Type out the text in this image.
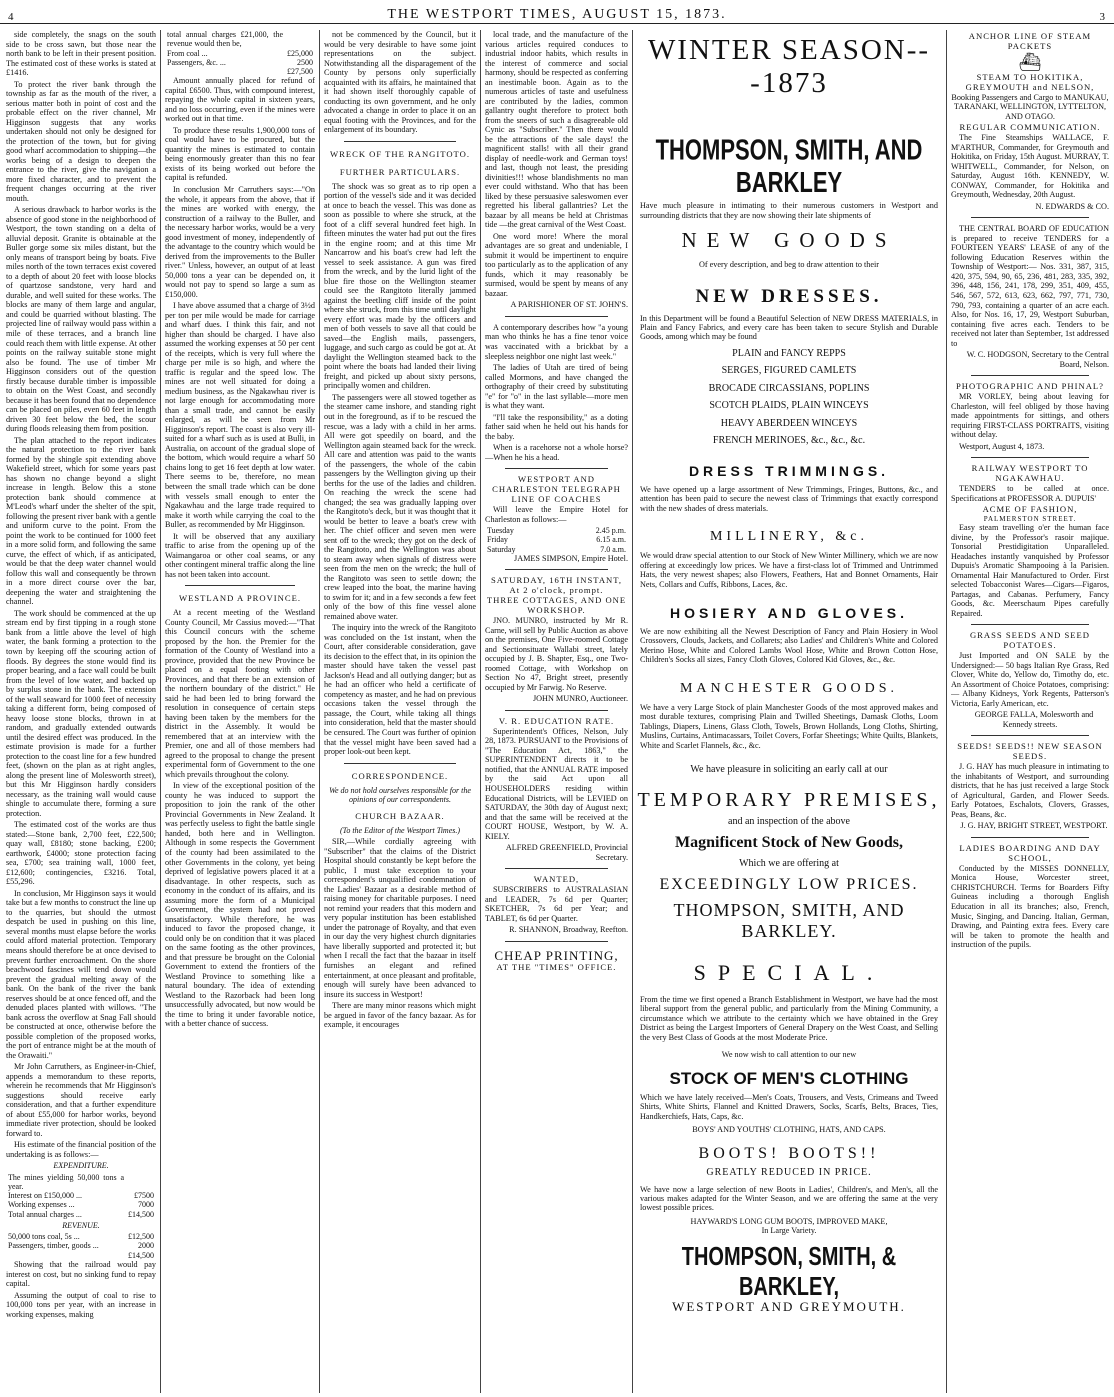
4	THE WESTPORT TIMES, AUGUST 15, 1873.	3

side completely, the snags on the south side to be cross sawn, but those near the north bank to be left in their present position. The estimated cost of these works is stated at £1416.

To protect the river bank through the township as far as the mouth of the river, a serious matter both in point of cost and the probable effect on the river channel, Mr Higginson suggests that any works undertaken should not only be designed for the protection of the town, but for giving good wharf accommodation to shipping—the works being of a design to deepen the entrance to the river, give the navigation a more fixed character, and to prevent the frequent changes occurring at the river mouth.

A serious drawback to harbor works is the absence of good stone in the neighborhood of Westport, the town standing on a delta of alluvial deposit. Granite is obtainable at the Buller gorge some six miles distant, but the only means of transport being by boats. Five miles north of the town terraces exist covered to a depth of about 20 feet with loose blocks of quartzose sandstone, very hard and durable, and well suited for these works. The blocks are many of them large and angular, and could be quarried without blasting. The projected line of railway would pass within a mile of these terraces, and a branch line could reach them with little expense. At other points on the railway suitable stone might also be found. The use of timber Mr Higginson considers out of the question firstly because durable timber is impossible to obtain on the West Coast, and secondly because it has been found that no dependence can be placed on piles, even 60 feet in length driven 30 feet below the bed, the scour during floods releasing them from position.

The plan attached to the report indicates the natural protection to the river bank formed by the shingle spit extending above Wakefield street, which for some years past has shown no change beyond a slight increase in length. Below this a stone protection bank should commence at M'Leod's wharf under the shelter of the spit, following the present river bank with a gentle and uniform curve to the point. From the point the work to be continued for 1000 feet in a more solid form, and following the same curve, the effect of which, if as anticipated, would be that the deep water channel would follow this wall and consequently be thrown in a more direct course over the bar, deepening the water and straightening the channel.

The work should be commenced at the up stream end by first tipping in a rough stone bank from a little above the level of high water, the bank forming a protection to the town by keeping off the scouring action of floods. By degrees the stone would find its proper bearing, and a face wall could be built from the level of low water, and backed up by surplus stone in the bank. The extension of the wall seaward for 1000 feet of necessity taking a different form, being composed of heavy loose stone blocks, thrown in at random, and gradually extended outwards until the desired effect was produced. In the estimate provision is made for a further protection to the coast line for a few hundred feet, (shown on the plan as at right angles, along the present line of Molesworth street), but this Mr Higginson hardly considers necessary, as the training wall would cause shingle to accumulate there, forming a sure protection.

The estimated cost of the works are thus stated:—Stone bank, 2,700 feet, £22,500; quay wall, £8180; stone backing, £200; earthwork, £4000; stone protection facing sea, £700; sea training wall, 1000 feet, £12,600; contingencies, £3216. Total, £55,296.

In conclusion, Mr Higginson says it would take but a few months to construct the line up to the quarries, but should the utmost despatch be used in pushing on this line, several months must elapse before the works could afford material protection. Temporary means should therefore be at once devised to prevent further encroachment. On the shore beachwood fascines will tend down would prevent the gradual melting away of the bank. On the bank of the river the bank reserves should be at once fenced off, and the denuded places planted with willows. "The bank across the overflow at Snag Fall should be constructed at once, otherwise before the possible completion of the proposed works, the port of entrance might be at the mouth of the Orawaiti."

Mr John Carruthers, as Engineer-in-Chief, appends a memorandum to these reports, wherein he recommends that Mr Higginson's suggestions should receive early consideration, and that a further expenditure of about £55,000 for harbor works, beyond immediate river protection, should be looked forward to.

His estimate of the financial position of the undertaking is as follows:—

EXPENDITURE.
The mines yielding 50,000 tons a year.	
Interest on £150,000 ...	£7500
Working expenses ...	7000
Total annual charges ...	£14,500
REVENUE.
50,000 tons coal, 5s ...	£12,500
Passengers, timber, goods ...	2000
	£14,500

Showing that the railroad would pay interest on cost, but no sinking fund to repay capital.

Assuming the output of coal to rise to 100,000 tons per year, with an increase in working expenses, making

total annual charges £21,000, the revenue would then be,	
From coal ...	£25,000
Passengers, &c. ...	2500
	£27,500

Amount annually placed for refund of capital £6500. Thus, with compound interest, repaying the whole capital in sixteen years, and no loss occurring, even if the mines were worked out in that time.

To produce these results 1,900,000 tons of coal would have to be procured, but the quantity the mines is estimated to contain being enormously greater than this no fear exists of its being worked out before the capital is refunded.

In conclusion Mr Carruthers says:—"On the whole, it appears from the above, that if the mines are worked with energy, the construction of a railway to the Buller, and the necessary harbor works, would be a very good investment of money, independently of the advantage to the country which would be derived from the improvements to the Buller river." Unless, however, an output of at least 50,000 tons a year can be depended on, it would not pay to spend so large a sum as £150,000.

I have above assumed that a charge of 3½d per ton per mile would be made for carriage and wharf dues. I think this fair, and not higher than should be charged. I have also assumed the working expenses at 50 per cent of the receipts, which is very full where the charge per mile is so high, and where the traffic is regular and the speed low. The mines are not well situated for doing a medium business, as the Ngakawhau river is not large enough for accommodating more than a small trade, and cannot be easily enlarged, as will be seen from Mr Higginson's report. The coast is also very ill-suited for a wharf such as is used at Bulli, in Australia, on account of the gradual slope of the bottom, which would require a wharf 50 chains long to get 16 feet depth at low water. There seems to be, therefore, no mean between the small trade which can be done with vessels small enough to enter the Ngakawhau and the large trade required to make it worth while carrying the coal to the Buller, as recommended by Mr Higginson.

It will be observed that any auxiliary traffic to arise from the opening up of the Waimangaroa or other coal seams, or any other contingent mineral traffic along the line has not been taken into account.

WESTLAND A PROVINCE.

At a recent meeting of the Westland County Council, Mr Cassius moved:—"That this Council concurs with the scheme proposed by the hon. the Premier for the formation of the County of Westland into a province, provided that the new Province be placed on a equal footing with other Provinces, and that there be an extension of the northern boundary of the district." He said he had been led to bring forward the resolution in consequence of certain steps having been taken by the members for the district in the Assembly. It would be remembered that at an interview with the Premier, one and all of those members had agreed to the proposal to change the present experimental form of Government to the one which prevails throughout the colony.

In view of the exceptional position of the county he was induced to support the proposition to join the rank of the other Provincial Governments in New Zealand. It was perfectly useless to fight the battle single handed, both here and in Wellington. Although in some respects the Government of the county had been assimilated to the other Governments in the colony, yet being deprived of legislative powers placed it at a disadvantage. In other respects, such as economy in the conduct of its affairs, and its assuming more the form of a Municipal Government, the system had not proved unsatisfactory. While therefore, he was induced to favor the proposed change, it could only be on condition that it was placed on the same footing as the other provinces, and that pressure be brought on the Colonial Government to extend the frontiers of the Westland Province to something like a natural boundary. The idea of extending Westland to the Razorback had been long unsuccessfully advocated, but now would be the time to bring it under favorable notice, with a better chance of success.

not be commenced by the Council, but it would be very desirable to have some joint representations on the subject. Notwithstanding all the disparagement of the County by persons only superficially acquainted with its affairs, he maintained that it had shown itself thoroughly capable of conducting its own government, and he only advocated a change in order to place it on an equal footing with the Provinces, and for the enlargement of its boundary.

WRECK OF THE RANGITOTO.
FURTHER PARTICULARS.

The shock was so great as to rip open a portion of the vessel's side and it was decided at once to beach the vessel. This was done as soon as possible to where she struck, at the foot of a cliff several hundred feet high. In fifteen minutes the water had put out the fires in the engine room; and at this time Mr Nancarrow and his boat's crew had left the vessel to seek assistance. A gun was fired from the wreck, and by the lurid light of the blue fire those on the Wellington steamer could see the Rangitoto literally jammed against the beetling cliff inside of the point where she struck, from this time until daylight every effort was made by the officers and men of both vessels to save all that could be saved—the English mails, passengers, luggage, and such cargo as could be got at. At daylight the Wellington steamed back to the point where the boats had landed their living freight, and picked up about sixty persons, principally women and children.

The passengers were all stowed together as the steamer came inshore, and standing right out in the foreground, as if to be rescued the rescue, was a lady with a child in her arms. All were got speedily on board, and the Wellington again steamed back for the wreck. All care and attention was paid to the wants of the passengers, the whole of the cabin passengers by the Wellington giving up their berths for the use of the ladies and children. On reaching the wreck the scene had changed; the sea was gradually lapping over the Rangitoto's deck, but it was thought that it would be better to leave a boat's crew with her. The chief officer and seven men were sent off to the wreck; they got on the deck of the Rangitoto, and the Wellington was about to steam away when signals of distress were seen from the men on the wreck; the hull of the Rangitoto was seen to settle down; the crew leaped into the boat, the marine having to swim for it; and in a few seconds a few feet only of the bow of this fine vessel alone remained above water.

The inquiry into the wreck of the Rangitoto was concluded on the 1st instant, when the Court, after considerable consideration, gave its decision to the effect that, in its opinion the master should have taken the vessel past Jackson's Head and all outlying danger; but as he had an officer who held a certificate of competency as master, and he had on previous occasions taken the vessel through the passage, the Court, while taking all things into consideration, held that the master should be censured. The Court was further of opinion that the vessel might have been saved had a proper look-out been kept.

CORRESPONDENCE.
We do not hold ourselves responsible for the opinions of our correspondents.
CHURCH BAZAAR.
(To the Editor of the Westport Times.)

SIR,—While cordially agreeing with "Subscriber" that the claims of the District Hospital should constantly be kept before the public, I must take exception to your correspondent's unqualified condemnation of the Ladies' Bazaar as a desirable method of raising money for charitable purposes. I need not remind your readers that this modern and very popular institution has been established under the patronage of Royalty, and that even in our day the very highest church dignitaries have liberally supported and protected it; but when I recall the fact that the bazaar in itself furnishes an elegant and refined entertainment, at once pleasant and profitable, enough will surely have been advanced to insure its success in Westport!

There are many minor reasons which might be argued in favor of the fancy bazaar. As for example, it encourages

local trade, and the manufacture of the various articles required conduces to industrial indoor habits, which results in the interest of commerce and social harmony, should be respected as conferring an inestimable boon. Again as to the numerous articles of taste and usefulness are contributed by the ladies, common gallantry ought therefore to protect both from the sneers of such a disagreeable old Cynic as "Subscriber." Then there would be the attractions of the sale days! the magnificent stalls! with all their grand display of needle-work and German toys! and last, though not least, the presiding divinities!!! whose blandishments no man ever could withstand. Who that has been liked by these persuasive saleswomen ever regretted his liberal gallantries? Let the bazaar by all means be held at Christmas tide —the great carnival of the West Coast.

One word more! Where the moral advantages are so great and undeniable, I submit it would be impertinent to enquire too particularly as to the application of any funds, which it may reasonably be surmised, would be spent by means of any bazaar.

A PARISHIONER OF ST. JOHN'S.

A contemporary describes how "a young man who thinks he has a fine tenor voice was vaccinated with a brickbat by a sleepless neighbor one night last week."

The ladies of Utah are tired of being called Mormons, and have changed the orthography of their creed by substituting "e" for "o" in the last syllable—more men is what they want.

"I'll take the responsibility," as a doting father said when he held out his hands for the baby.

When is a racehorse not a whole horse?—When he his a head.

WESTPORT AND CHARLESTON TELEGRAPH LINE OF COACHES

Will leave the Empire Hotel for Charleston as follows:—

Tuesday	2.45 p.m.
Friday	6.15 a.m.
Saturday	7.0 a.m.

JAMES SIMPSON, Empire Hotel.

SATURDAY, 16TH INSTANT, At 2 o'clock, prompt.
THREE COTTAGES, AND ONE WORKSHOP.

JNO. MUNRO, instructed by Mr R. Carne, will sell by Public Auction as above on the premises, One Five-roomed Cottage and Sectionsituate Wallabi street, lately occupied by J. B. Shapter, Esq., one Two-roomed Cottage, with Workshop on Section No 47, Bright street, presently occupied by Mr Farwig. No Reserve.

JOHN MUNRO, Auctioneer.

V. R. EDUCATION RATE.

Superintendent's Offices, Nelson, July 28, 1873. PURSUANT to the Provisions of "The Education Act, 1863," the SUPERINTENDENT directs it to be notified, that the ANNUAL RATE imposed by the said Act upon all HOUSEHOLDERS residing within Educational Districts, will be LEVIED on SATURDAY, the 30th day of August next; and that the same will be received at the COURT HOUSE, Westport, by W. A. KIELY.

ALFRED GREENFIELD, Provincial Secretary.

WANTED,

SUBSCRIBERS to AUSTRALASIAN and LEADER, 7s 6d per Quarter; SKETCHER, 7s 6d per Year; and TABLET, 6s 6d per Quarter.

R. SHANNON, Broadway, Reefton.

CHEAP PRINTING,
AT THE "TIMES" OFFICE.
WINTER SEASON---1873
THOMPSON, SMITH, AND BARKLEY
Have much pleasure in intimating to their numerous customers in Westport and surrounding districts that they are now showing their late shipments of
NEW GOODS
Of every description, and beg to draw attention to their
NEW DRESSES.
In this Department will be found a Beautiful Selection of NEW DRESS MATERIALS, in Plain and Fancy Fabrics, and every care has been taken to secure Stylish and Durable Goods, among which may be found
PLAIN and FANCY REPPS
SERGES, FIGURED CAMLETS
BROCADE CIRCASSIANS, POPLINS
SCOTCH PLAIDS, PLAIN WINCEYS
HEAVY ABERDEEN WINCEYS
FRENCH MERINOES, &c., &c., &c.
DRESS TRIMMINGS.
We have opened up a large assortment of New Trimmings, Fringes, Buttons, &c., and attention has been paid to secure the newest class of Trimmings that exactly correspond with the new shades of dress materials.
MILLINERY, &c.
We would draw special attention to our Stock of New Winter Millinery, which we are now offering at exceedingly low prices. We have a first-class lot of Trimmed and Untrimmed Hats, the very newest shapes; also Flowers, Feathers, Hat and Bonnet Ornaments, Hair Nets, Collars and Cuffs, Ribbons, Laces, &c.
HOSIERY AND GLOVES.
We are now exhibiting all the Newest Description of Fancy and Plain Hosiery in Wool Crossovers, Clouds, Jackets, and Collarets; also Ladies' and Children's White and Colored Merino Hose, White and Colored Lambs Wool Hose, White and Brown Cotton Hose, Children's Socks all sizes, Fancy Cloth Gloves, Colored Kid Gloves, &c., &c.
MANCHESTER GOODS.
We have a very Large Stock of plain Manchester Goods of the most approved makes and most durable textures, comprising Plain and Twilled Sheetings, Damask Cloths, Loom Tablings, Diapers, Linens, Glass Cloth, Towels, Brown Hollands, Long Cloths, Shirting, Muslins, Curtains, Antimacassars, Toilet Covers, Forfar Sheetings; White Quilts, Blankets, White and Scarlet Flannels, &c., &c.
We have pleasure in soliciting an early call at our
TEMPORARY PREMISES,
and an inspection of the above
Magnificent Stock of New Goods,
Which we are offering at
EXCEEDINGLY LOW PRICES.
THOMPSON, SMITH, AND BARKLEY.
SPECIAL.
From the time we first opened a Branch Establishment in Westport, we have had the most liberal support from the general public, and particularly from the Mining Community, a circumstance which we attribute to the certainty which we have obtained in the Grey District as being the Largest Importers of General Drapery on the West Coast, and Selling the very Best Class of Goods at the most Moderate Price.
We now wish to call attention to our new
STOCK OF MEN'S CLOTHING
Which we have lately received—Men's Coats, Trousers, and Vests, Crimeans and Tweed Shirts, White Shirts, Flannel and Knitted Drawers, Socks, Scarfs, Belts, Braces, Ties, Handkerchiefs, Hats, Caps, &c.
BOYS' AND YOUTHS' CLOTHING, HATS, AND CAPS.
BOOTS! BOOTS!!
GREATLY REDUCED IN PRICE.
We have now a large selection of new Boots in Ladies', Children's, and Men's, all the various makes adapted for the Winter Season, and we are offering the same at the very lowest possible prices.
HAYWARD'S LONG GUM BOOTS, IMPROVED MAKE,
In Large Variety.
THOMPSON, SMITH, & BARKLEY,
WESTPORT AND GREYMOUTH.
ANCHOR LINE OF STEAM PACKETS
⛴
STEAM TO HOKITIKA, GREYMOUTH and NELSON,

Booking Passengers and Cargo to MANUKAU, TARANAKI, WELLINGTON, LYTTELTON, AND OTAGO.

REGULAR COMMUNICATION.

The Fine Steamships WALLACE, F. M'ARTHUR, Commander, for Greymouth and Hokitika, on Friday, 15th August. MURRAY, T. WHITWELL, Commander, for Nelson, on Saturday, August 16th. KENNEDY, W. CONWAY, Commander, for Hokitika and Greymouth, Wednesday, 20th August.

N. EDWARDS & CO.

THE CENTRAL BOARD OF EDUCATION is prepared to receive TENDERS for a FOURTEEN YEARS' LEASE of any of the following Education Reserves within the Township of Westport:— Nos. 331, 387, 315, 420, 375, 594, 90, 65, 236, 481, 283, 335, 392, 396, 448, 156, 241, 178, 299, 351, 409, 455, 546, 567, 572, 613, 623, 662, 797, 771, 730, 790, 793, containing a quarter of an acre each. Also, for Nos. 16, 17, 29, Westport Suburban, containing five acres each. Tenders to be received not later than September, 1st addressed to

W. C. HODGSON, Secretary to the Central Board, Nelson.

PHOTOGRAPHIC AND PHINAL?

MR VORLEY, being about leaving for Charleston, will feel obliged by those having made appointments for sittings, and others requiring FIRST-CLASS PORTRAITS, visiting without delay.

Westport, August 4, 1873.

RAILWAY WESTPORT TO NGAKAWHAU.

TENDERS to be called at once. Specifications at PROFESSOR A. DUPUIS'

ACME OF FASHION,
PALMERSTON STREET.

Easy steam travelling o'er the human face divine, by the Professor's rasoir majique. Tonsorial Prestidigitation Unparalleled. Headaches instantly vanquished by Professor Dupuis's Aromatic Shampooing à la Parisien. Ornamental Hair Manufactured to Order. First selected Tobacconist Wares—Cigars—Figaros, Partagas, and Cabanas. Perfumery, Fancy Goods, &c. Meerschaum Pipes carefully Repaired.

GRASS SEEDS AND SEED POTATOES.

Just Imported and ON SALE by the Undersigned:— 50 bags Italian Rye Grass, Red Clover, White do, Yellow do, Timothy do, etc. An Assortment of Choice Potatoes, comprising:— Albany Kidneys, York Regents, Patterson's Victoria, Early American, etc.

GEORGE FALLA, Molesworth and Kennedy streets.

SEEDS! SEEDS!! NEW SEASON SEEDS.

J. G. HAY has much pleasure in intimating to the inhabitants of Westport, and surrounding districts, that he has just received a large Stock of Agricultural, Garden, and Flower Seeds. Early Potatoes, Eschalots, Clovers, Grasses, Peas, Beans, &c.

J. G. HAY, BRIGHT STREET, WESTPORT.

LADIES BOARDING AND DAY SCHOOL,

Conducted by the MISSES DONNELLY, Monica House, Worcester street, CHRISTCHURCH. Terms for Boarders Fifty Guineas including a thorough English Education in all its branches; also, French, Music, Singing, and Dancing. Italian, German, Drawing, and Painting extra fees. Every care will be taken to promote the health and instruction of the pupils.
